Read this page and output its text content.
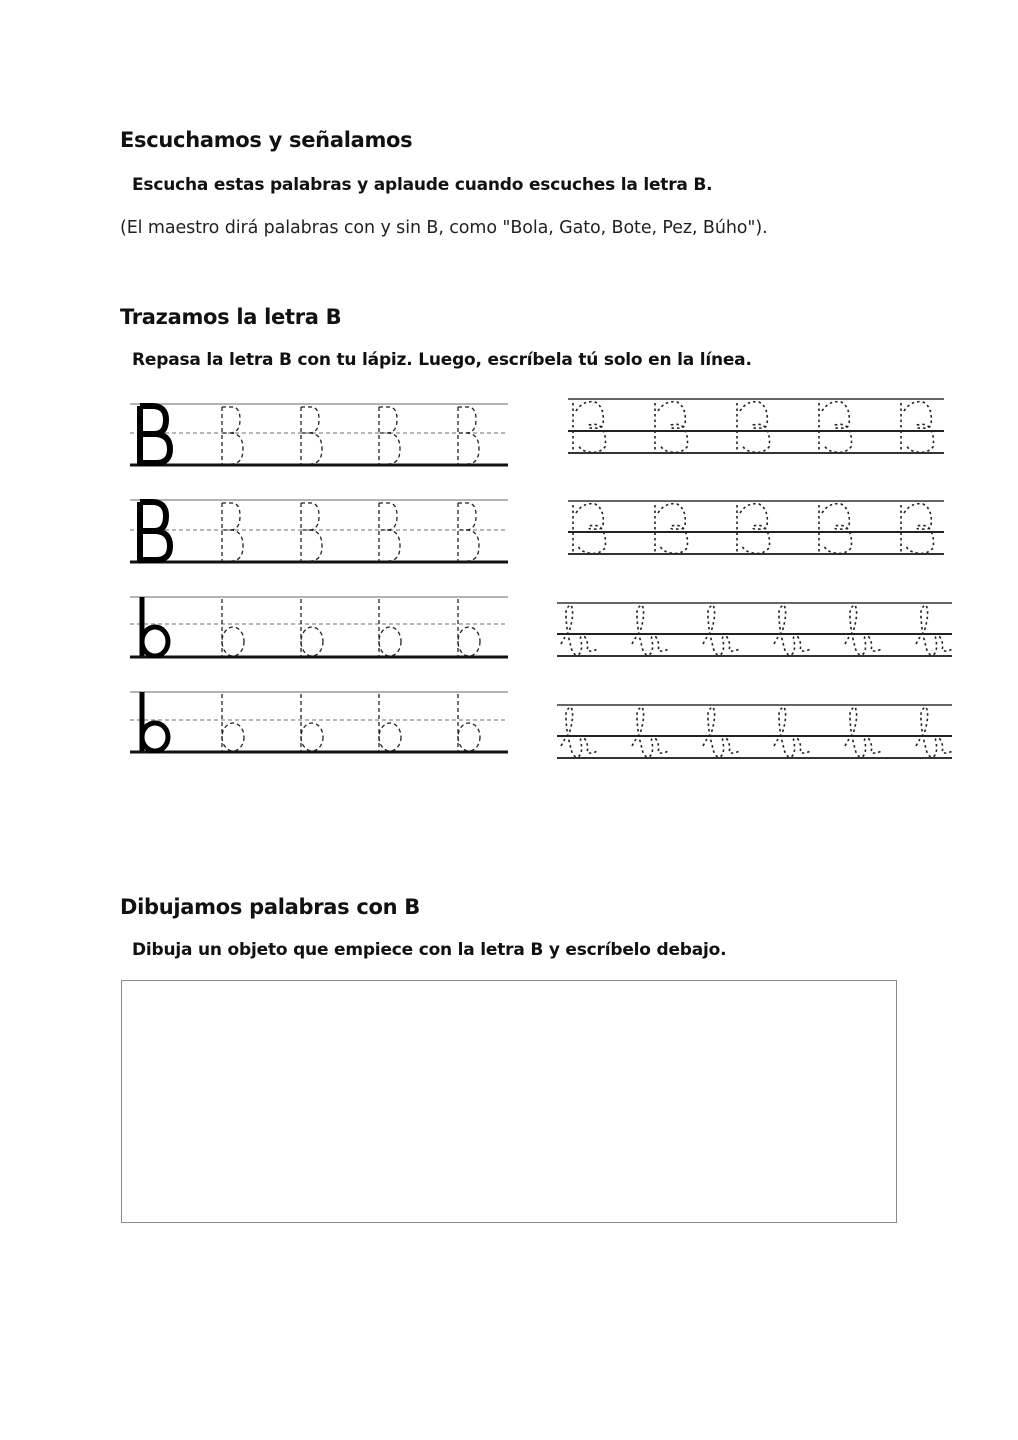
Escuchamos y señalamos
Escucha estas palabras y aplaude cuando escuches la letra B.
(El maestro dirá palabras con y sin B, como "Bola, Gato, Bote, Pez, Búho").
Trazamos la letra B
Repasa la letra B con tu lápiz. Luego, escríbela tú solo en la línea.
Dibujamos palabras con B
Dibuja un objeto que empiece con la letra B y escríbelo debajo.
